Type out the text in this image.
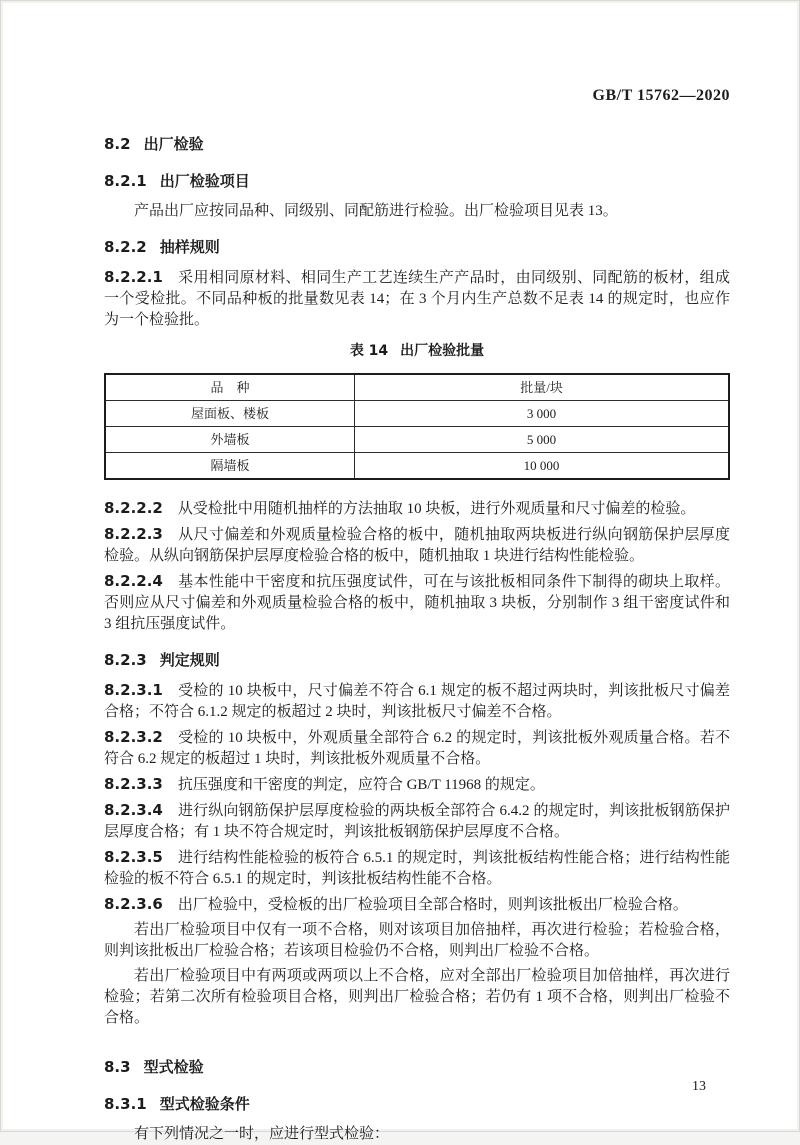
GB/T 15762—2020
8.2 出厂检验
8.2.1 出厂检验项目

产品出厂应按同品种、同级别、同配筋进行检验。出厂检验项目见表 13。

8.2.2 抽样规则

8.2.2.1 采用相同原材料、相同生产工艺连续生产产品时，由同级别、同配筋的板材，组成一个受检批。不同品种板的批量数见表 14；在 3 个月内生产总数不足表 14 的规定时，也应作为一个检验批。

表 14 出厂检验批量
品　种	批量/块
屋面板、楼板	3 000
外墙板	5 000
隔墙板	10 000

8.2.2.2 从受检批中用随机抽样的方法抽取 10 块板，进行外观质量和尺寸偏差的检验。

8.2.2.3 从尺寸偏差和外观质量检验合格的板中，随机抽取两块板进行纵向钢筋保护层厚度检验。从纵向钢筋保护层厚度检验合格的板中，随机抽取 1 块进行结构性能检验。

8.2.2.4 基本性能中干密度和抗压强度试件，可在与该批板相同条件下制得的砌块上取样。否则应从尺寸偏差和外观质量检验合格的板中，随机抽取 3 块板，分别制作 3 组干密度试件和 3 组抗压强度试件。

8.2.3 判定规则

8.2.3.1 受检的 10 块板中，尺寸偏差不符合 6.1 规定的板不超过两块时，判该批板尺寸偏差合格；不符合 6.1.2 规定的板超过 2 块时，判该批板尺寸偏差不合格。

8.2.3.2 受检的 10 块板中，外观质量全部符合 6.2 的规定时，判该批板外观质量合格。若不符合 6.2 规定的板超过 1 块时，判该批板外观质量不合格。

8.2.3.3 抗压强度和干密度的判定，应符合 GB/T 11968 的规定。

8.2.3.4 进行纵向钢筋保护层厚度检验的两块板全部符合 6.4.2 的规定时，判该批板钢筋保护层厚度合格；有 1 块不符合规定时，判该批板钢筋保护层厚度不合格。

8.2.3.5 进行结构性能检验的板符合 6.5.1 的规定时，判该批板结构性能合格；进行结构性能检验的板不符合 6.5.1 的规定时，判该批板结构性能不合格。

8.2.3.6 出厂检验中，受检板的出厂检验项目全部合格时，则判该批板出厂检验合格。

若出厂检验项目中仅有一项不合格，则对该项目加倍抽样，再次进行检验；若检验合格，则判该批板出厂检验合格；若该项目检验仍不合格，则判出厂检验不合格。

若出厂检验项目中有两项或两项以上不合格，应对全部出厂检验项目加倍抽样，再次进行检验；若第二次所有检验项目合格，则判出厂检验合格；若仍有 1 项不合格，则判出厂检验不合格。

8.3 型式检验
8.3.1 型式检验条件

有下列情况之一时，应进行型式检验：

13
